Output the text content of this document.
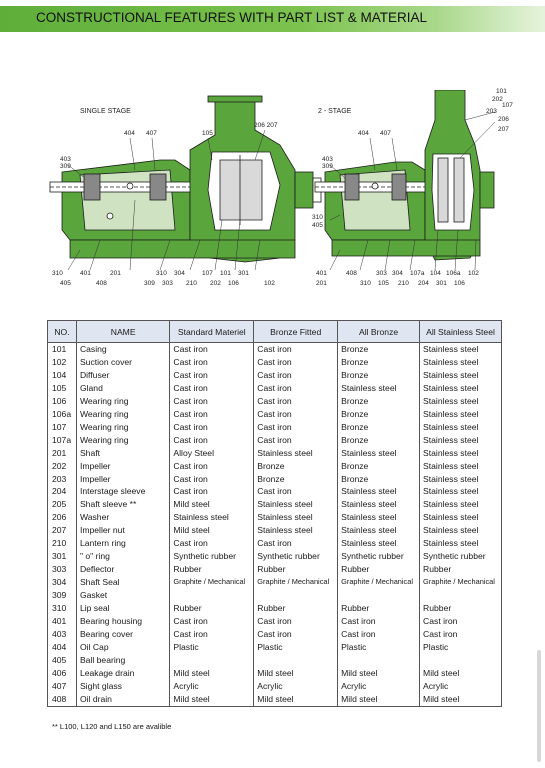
CONSTRUCTIONAL FEATURES WITH PART LIST & MATERIAL
SINGLE STAGE	2 - STAGE
404 407	105
206 207
403
309
310	401	201	310 304	107 101 301
405	408	309 303 210 202 106	102
404 407
101
202
107
203
206
207
403
309
310
405
401	408	303 304 107a 104 106a 102
201	310 105 210 204 301 106
NO.	NAME	Standard Materiel	Bronze Fitted	All Bronze	All Stainless Steel
101	Casing	Cast iron	Cast iron	Bronze	Stainless steel
102	Suction cover	Cast iron	Cast iron	Bronze	Stainless steel
104	Diffuser	Cast iron	Cast iron	Bronze	Stainless steel
105	Gland	Cast iron	Cast iron	Stainless steel	Stainless steel
106	Wearing ring	Cast iron	Cast iron	Bronze	Stainless steel
106a	Wearing ring	Cast iron	Cast iron	Bronze	Stainless steel
107	Wearing ring	Cast iron	Cast iron	Bronze	Stainless steel
107a	Wearing ring	Cast iron	Cast iron	Bronze	Stainless steel
201	Shaft	Alloy Steel	Stainless steel	Stainless steel	Stainless steel
202	Impeller	Cast iron	Bronze	Bronze	Stainless steel
203	Impeller	Cast iron	Bronze	Bronze	Stainless steel
204	Interstage sleeve	Cast iron	Cast iron	Stainless steel	Stainless steel
205	Shaft sleeve **	Mild steel	Stainless steel	Stainless steel	Stainless steel
206	Washer	Stainless steel	Stainless steel	Stainless steel	Stainless steel
207	Impeller nut	Mild steel	Stainless steel	Stainless steel	Stainless steel
210	Lantern ring	Cast iron	Cast iron	Stainless steel	Stainless steel
301	" o" ring	Synthetic rubber	Synthetic rubber	Synthetic rubber	Synthetic rubber
303	Deflector	Rubber	Rubber	Rubber	Rubber
304	Shaft Seal	Graphite / Mechanical	Graphite / Mechanical	Graphite / Mechanical	Graphite / Mechanical
309	Gasket				
310	Lip seal	Rubber	Rubber	Rubber	Rubber
401	Bearing housing	Cast iron	Cast iron	Cast iron	Cast iron
403	Bearing cover	Cast iron	Cast iron	Cast iron	Cast iron
404	Oil Cap	Plastic	Plastic	Plastic	Plastic
405	Ball bearing				
406	Leakage drain	Mild steel	Mild steel	Mild steel	Mild steel
407	Sight glass	Acrylic	Acrylic	Acrylic	Acrylic
408	Oil drain	Mild steel	Mild steel	Mild steel	Mild steel
** L100, L120 and L150 are avalible
